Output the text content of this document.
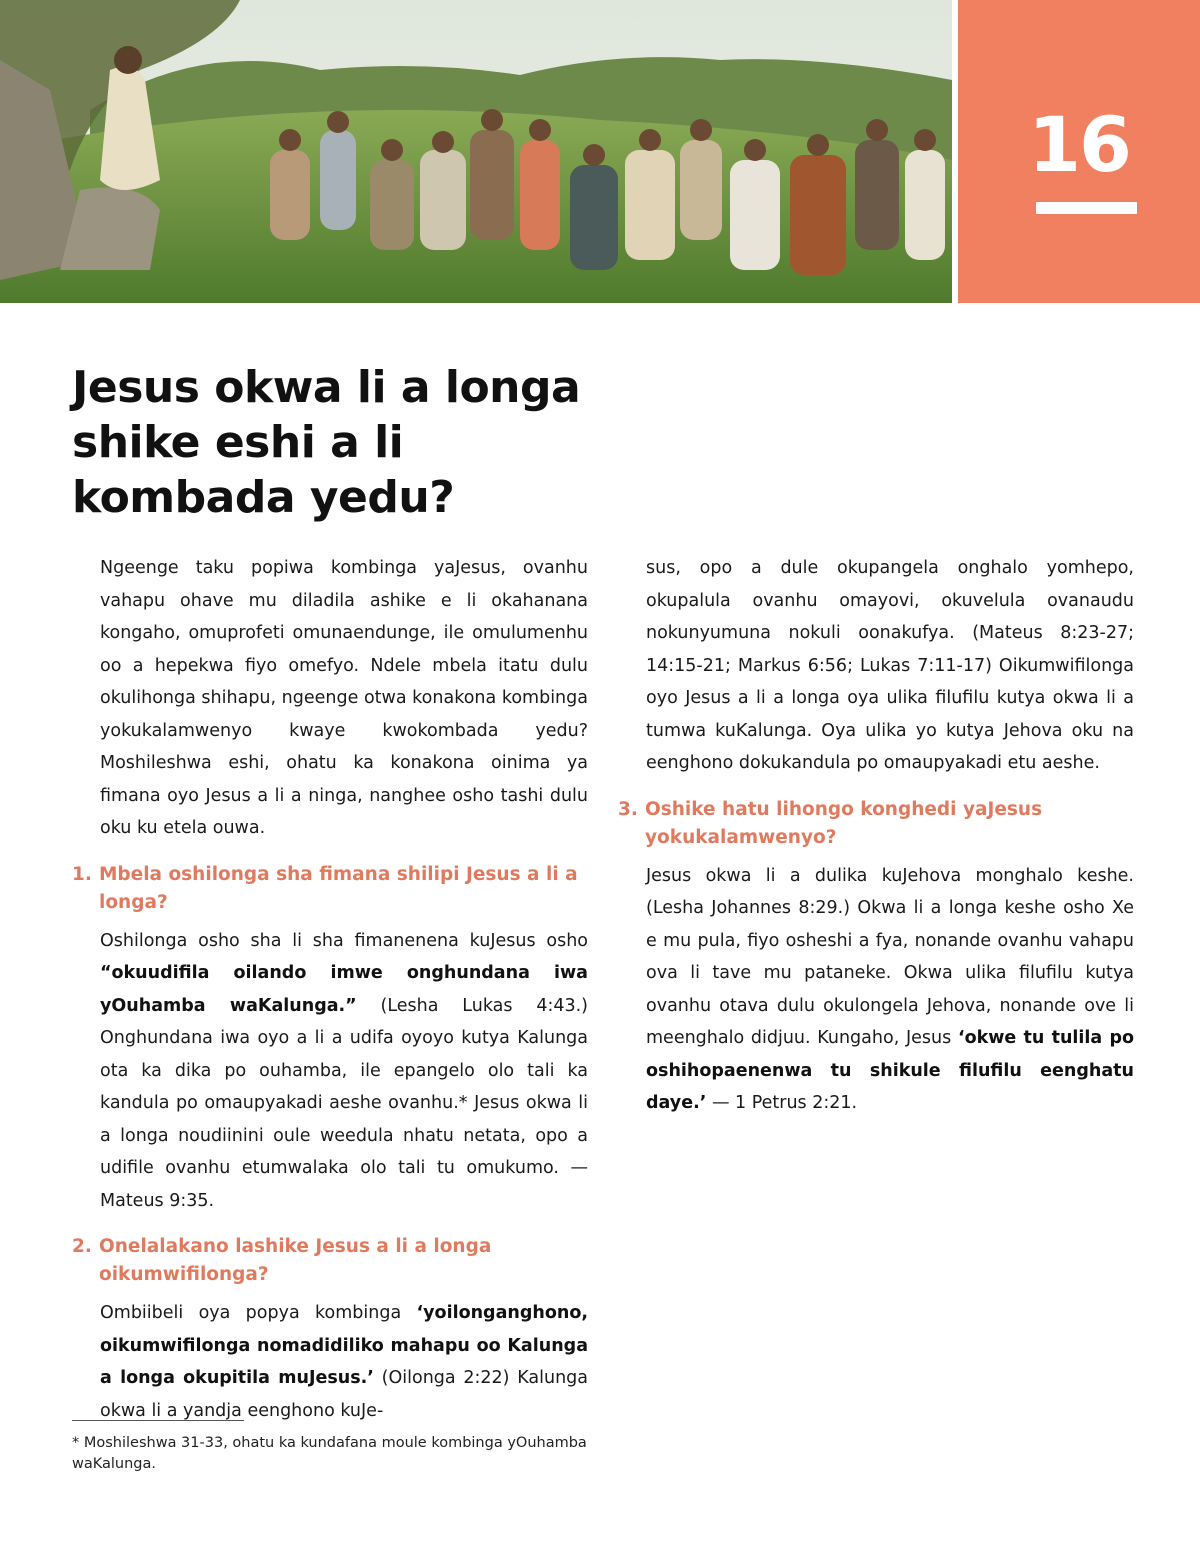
16
Jesus okwa li a longa shike eshi a li kombada yedu?

Ngeenge taku popiwa kombinga yaJesus, ovanhu vahapu ohave mu diladila ashike e li okahanana kongaho, omuprofeti omunaendunge, ile omulumenhu oo a hepekwa fiyo omefyo. Ndele mbela itatu dulu okulihonga shihapu, ngeenge otwa konakona kombinga yokukalamwenyo kwaye kwokombada yedu? Moshileshwa eshi, ohatu ka konakona oinima ya fimana oyo Jesus a li a ninga, nanghee osho tashi dulu oku ku etela ouwa.

1. Mbela oshilonga sha fimana shilipi Jesus a li a longa?

Oshilonga osho sha li sha fimanenena kuJesus osho “okuudifila oilando imwe onghundana iwa yOuhamba waKalunga.” (Lesha Lukas 4:43.) Onghundana iwa oyo a li a udifa oyoyo kutya Kalunga ota ka dika po ouhamba, ile epangelo olo tali ka kandula po omaupyakadi aeshe ovanhu.* Jesus okwa li a longa noudiinini oule weedula nhatu netata, opo a udifile ovanhu etumwalaka olo tali tu omukumo. — Mateus 9:35.

2. Onelalakano lashike Jesus a li a longa oikumwifilonga?

Ombiibeli oya popya kombinga ‘yoilonganghono, oikumwifilonga nomadidiliko mahapu oo Kalunga a longa okupitila muJesus.’ (Oilonga 2:22) Kalunga okwa li a yandja eenghono kuJe-

sus, opo a dule okupangela onghalo yomhepo, okupalula ovanhu omayovi, okuvelula ovanaudu nokunyumuna nokuli oonakufya. (Mateus 8:23-27; 14:15-21; Markus 6:56; Lukas 7:11-17) Oikumwifilonga oyo Jesus a li a longa oya ulika filufilu kutya okwa li a tumwa kuKalunga. Oya ulika yo kutya Jehova oku na eenghono dokukandula po omaupyakadi etu aeshe.

3. Oshike hatu lihongo konghedi yaJesus yokukalamwenyo?

Jesus okwa li a dulika kuJehova monghalo keshe. (Lesha Johannes 8:29.) Okwa li a longa keshe osho Xe e mu pula, fiyo osheshi a fya, nonande ovanhu vahapu ova li tave mu pataneke. Okwa ulika filufilu kutya ovanhu otava dulu okulongela Jehova, nonande ove li meenghalo didjuu. Kungaho, Jesus ‘okwe tu tulila po oshihopaenenwa tu shikule filufilu eenghatu daye.’ — 1 Petrus 2:21.

* Moshileshwa 31-33, ohatu ka kundafana moule kombinga yOuhamba waKalunga.
